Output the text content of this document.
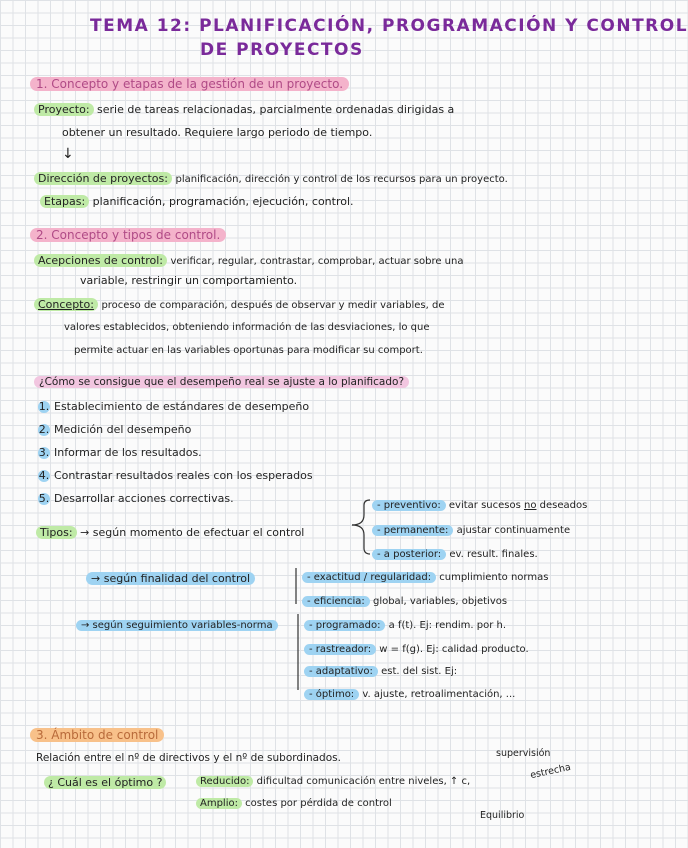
TEMA 12: PLANIFICACIÓN, PROGRAMACIÓN Y CONTROL
DE PROYECTOS
1. Concepto y etapas de la gestión de un proyecto.
Proyecto: serie de tareas relacionadas, parcialmente ordenadas dirigidas a
obtener un resultado. Requiere largo periodo de tiempo.
↓
Dirección de proyectos: planificación, dirección y control de los recursos para un proyecto.
Etapas: planificación, programación, ejecución, control.
2. Concepto y tipos de control.
Acepciones de control: verificar, regular, contrastar, comprobar, actuar sobre una
variable, restringir un comportamiento.
Concepto: proceso de comparación, después de observar y medir variables, de
valores establecidos, obteniendo información de las desviaciones, lo que
permite actuar en las variables oportunas para modificar su comport.
¿Cómo se consigue que el desempeño real se ajuste a lo planificado?
1. Establecimiento de estándares de desempeño
2. Medición del desempeño
3. Informar de los resultados.
4. Contrastar resultados reales con los esperados
5. Desarrollar acciones correctivas.
Tipos: → según momento de efectuar el control
- preventivo: evitar sucesos no deseados
- permanente: ajustar continuamente
- a posterior: ev. result. finales.
→ según finalidad del control	- exactitud / regularidad: cumplimiento normas
- eficiencia: global, variables, objetivos
→ según seguimiento variables-norma	- programado: a f(t). Ej: rendim. por h.
- rastreador: w = f(g). Ej: calidad producto.
- adaptativo: est. del sist. Ej:
- óptimo: v. ajuste, retroalimentación, ...
3. Ámbito de control
Relación entre el nº de directivos y el nº de subordinados.	supervisión
estrecha
¿ Cuál es el óptimo ?	Reducido: dificultad comunicación entre niveles, ↑ c,
Amplio: costes por pérdida de control
Equilibrio
